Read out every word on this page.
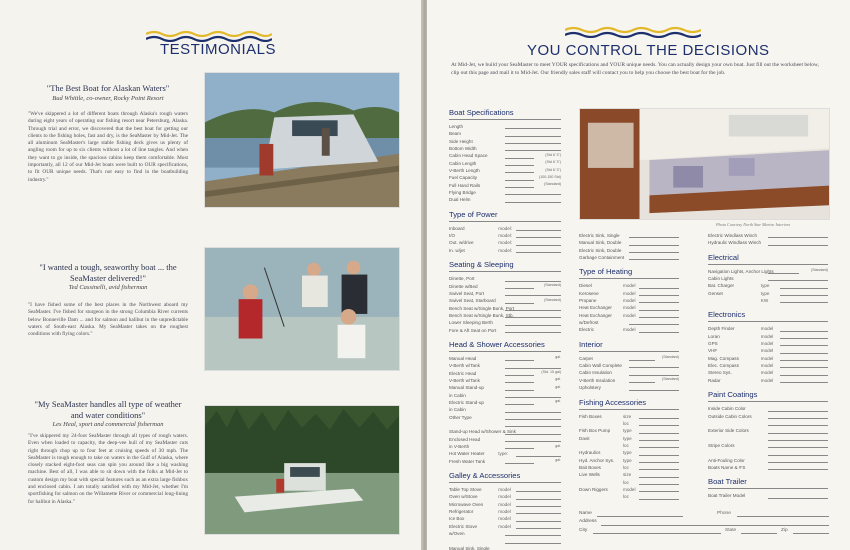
TESTIMONIALS
"The Best Boat for Alaskan Waters"
Bud Whittle, co-owner, Rocky Point Resort
"We've skippered a lot of different boats through Alaska's rough waters during eight years of operating our fishing resort near Petersburg, Alaska. Through trial and error, we discovered that the best boat for getting our clients to the fishing holes, fast and dry, is the SeaMaster by Mid-Jet. The all aluminum SeaMaster's large stable fishing deck gives us plenty of angling room for up to six clients without a lot of line tangles. And when they want to go inside, the spacious cabins keep them comfortable. Most importantly, all 12 of our Mid-Jet boats were built to OUR specifications, to fit OUR unique needs. That's not easy to find in the boatbuilding industry."
"I wanted a tough, seaworthy boat ... the SeaMaster delivered!"
Ted Cassinelli, avid fisherman
"I have fished some of the best places in the Northwest aboard my SeaMaster. I've fished for sturgeon in the strong Columbia River currents below Bonneville Dam ... and for salmon and halibut in the unpredictable waters of South-east Alaska. My SeaMaster takes on the roughest conditions with flying colors."
"My SeaMaster handles all type of weather and water conditions"
Les Heal, sport and commercial fisherman
"I've skippered my 24-foot SeaMaster through all types of rough waters. Even when loaded to capacity, the deep-vee hull of my SeaMaster cuts right through chop up to four feet at cruising speeds of 30 mph. The SeaMaster is tough enough to take on waters in the Gulf of Alaska, where closely stacked eight-foot seas can spin you around like a big washing machine. Best of all, I was able to sit down with the folks at Mid-Jet to custom design my boat with special features such as an extra large fishbox and enclosed cabin. I am totally satisfied with my Mid-Jet, whether I'm sportfishing for salmon on the Willamette River or commercial long-lining for halibut in Alaska."
YOU CONTROL THE DECISIONS
At Mid-Jet, we build your SeaMaster to meet YOUR specifications and YOUR unique needs. You can actually design your own boat. Just fill out the worksheet below, clip out this page and mail it to Mid-Jet. Our friendly sales staff will contact you to help you choose the best boat for the job.
Boat Specifications
Length
Beam
Side Height
Bottom Width
Cabin Head Space	(Std 6' 3")
Cabin Length	(Std 6' 3")
V-Berth Length	(Std 6' 3")
Fuel Capacity	(100-150 Std)
Full Hand Rails	(Standard)
Flying Bridge
Dual Helm
Type of Power
Inboard	model:
I/O	model:
Out. w/drive	model:
In. w/jet	model:
Seating & Sleeping
Dinette, Port
Dinette w/Bed	(Standard)
Swivel Seat, Port
Swivel Seat, Starboard	(Standard)
Bench Seat w/Single Bunk, Port
Bench Seat w/Single Bunk, Stb.
Lower Sleeping Berth
Fore & Aft Seat on Port
Head & Shower Accessories
Manual Head	gal.
V-Berth w/Tank
Electric Head	(Std. 15 gal)
V-Berth w/Tank	gal.
Manual Stand-up	gal.
in Cabin
Electric Stand-up	gal.
in Cabin
Other Type

Stand-up Head w/Shower & Sink
Enclosed Head
in V-Berth	gal.
Hot Water Heater	type:
Fresh Water Tank	gal.
Galley & Accessories
Table Top Stove	model
Oven w/Stove	model
Microwave Oven	model
Refrigerator	model
Ice Box	model
Electric Stove	model
w/Oven

Manual Sink, Single
Electric Sink, Single
Manual Sink, Double
Electric Sink, Double
Garbage Containment
Type of Heating
Diesel	model
Kerosene	model
Propane	model
Heat Exchanger model
Heat Exchanger model
w/Defrost
Electric	model
Interior
Carpet	(Standard)
Cabin Wall Complete
Cabin Insulation
V-Berth Insulation	(Standard)
Upholstery
Fishing Accessories
Fish Boxes	size

loc
Fish Box Pump	type
Davit	type

loc
Hydraulics	type
Hyd. Anchor Sys. type
Bait Boxes	loc
Live Wells	size

loc
Down Riggers	model

loc
Electric Windlass Winch
Hydraulic Windlass Winch
Electrical
Navigation Lights, Anchor Lights	(Standard)
Cabin Lights
Bat. Charger	type
Genset	type

KW
Electronics
Depth Finder	model
Loran	model
GPS	model
VHF	model
Mag. Compass	model
Elec. Compass	model
Stereo Sys.	model
Radar	model
Paint Coatings
Inside Cabin Color
Outside Cabin Colors

Exterior Side Colors

Stripe Colors

Anti-Fouling Color
Boats Name & #'S
Boat Trailer
Boat Trailer Model
Photo Courtesy North Star Marine Interiors
Name	Phone
Address
City	State	Zip
